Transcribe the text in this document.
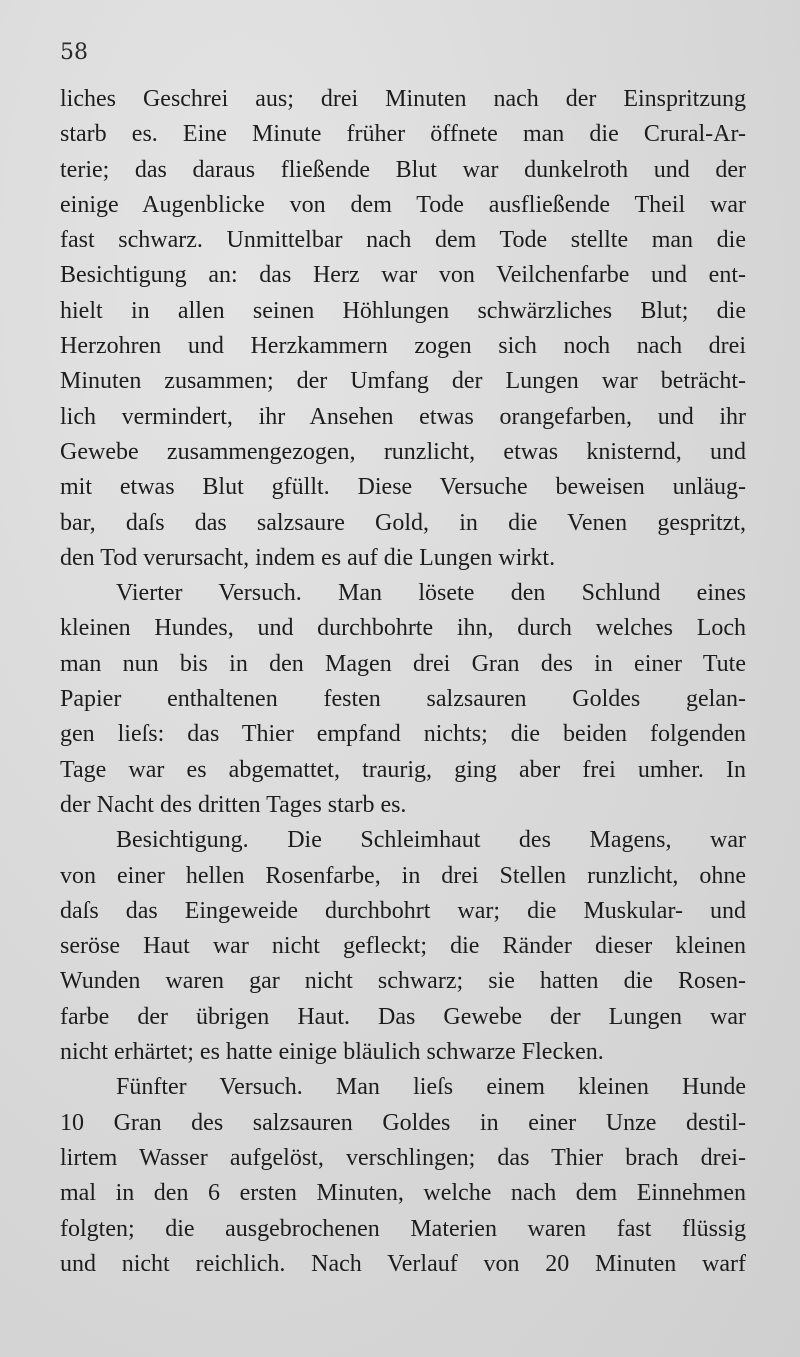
58

liches Geschrei aus; drei Minuten nach der Einspritzung
starb es. Eine Minute früher öffnete man die Crural-Ar-
terie; das daraus fließende Blut war dunkelroth und der
einige Augenblicke von dem Tode ausfließende Theil war
fast schwarz. Unmittelbar nach dem Tode stellte man die
Besichtigung an: das Herz war von Veilchenfarbe und ent-
hielt in allen seinen Höhlungen schwärzliches Blut; die
Herzohren und Herzkammern zogen sich noch nach drei
Minuten zusammen; der Umfang der Lungen war beträcht-
lich vermindert, ihr Ansehen etwas orangefarben, und ihr
Gewebe zusammengezogen, runzlicht, etwas knisternd, und
mit etwas Blut gfüllt. Diese Versuche beweisen unläug-
bar, daſs das salzsaure Gold, in die Venen gespritzt,
den Tod verursacht, indem es auf die Lungen wirkt.
Vierter Versuch. Man lösete den Schlund eines
kleinen Hundes, und durchbohrte ihn, durch welches Loch
man nun bis in den Magen drei Gran des in einer Tute
Papier enthaltenen festen salzsauren Goldes gelan-
gen lieſs: das Thier empfand nichts; die beiden folgenden
Tage war es abgemattet, traurig, ging aber frei umher. In
der Nacht des dritten Tages starb es.
Besichtigung. Die Schleimhaut des Magens, war
von einer hellen Rosenfarbe, in drei Stellen runzlicht, ohne
daſs das Eingeweide durchbohrt war; die Muskular- und
seröse Haut war nicht gefleckt; die Ränder dieser kleinen
Wunden waren gar nicht schwarz; sie hatten die Rosen-
farbe der übrigen Haut. Das Gewebe der Lungen war
nicht erhärtet; es hatte einige bläulich schwarze Flecken.
Fünfter Versuch. Man lieſs einem kleinen Hunde
10 Gran des salzsauren Goldes in einer Unze destil-
lirtem Wasser aufgelöst, verschlingen; das Thier brach drei-
mal in den 6 ersten Minuten, welche nach dem Einnehmen
folgten; die ausgebrochenen Materien waren fast flüssig
und nicht reichlich. Nach Verlauf von 20 Minuten warf
